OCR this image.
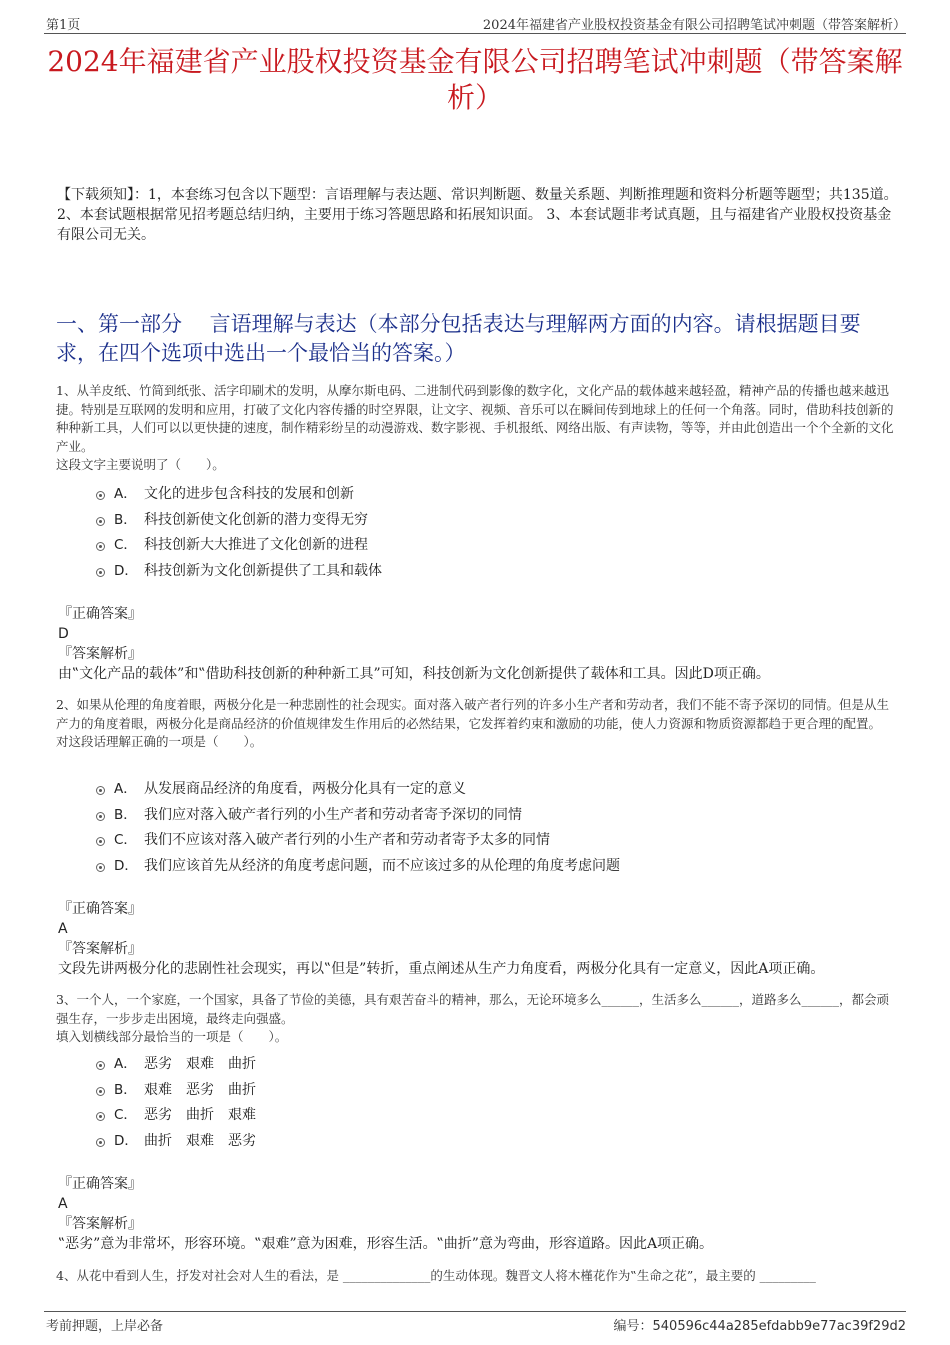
第1页	2024年福建省产业股权投资基金有限公司招聘笔试冲刺题（带答案解析）
2024年福建省产业股权投资基金有限公司招聘笔试冲刺题（带答案解析）

【下载须知】：1，本套练习包含以下题型：言语理解与表达题、常识判断题、数量关系题、判断推理题和资料分析题等题型；共135道。 2、本套试题根据常见招考题总结归纳，主要用于练习答题思路和拓展知识面。 3、本套试题非考试真题，且与福建省产业股权投资基金有限公司无关。

一、第一部分　 言语理解与表达（本部分包括表达与理解两方面的内容。请根据题目要求，在四个选项中选出一个最恰当的答案。）

1、从羊皮纸、竹简到纸张、活字印刷术的发明，从摩尔斯电码、二进制代码到影像的数字化，文化产品的载体越来越轻盈，精神产品的传播也越来越迅捷。特别是互联网的发明和应用，打破了文化内容传播的时空界限，让文字、视频、音乐可以在瞬间传到地球上的任何一个角落。同时，借助科技创新的种种新工具，人们可以以更快捷的速度，制作精彩纷呈的动漫游戏、数字影视、手机报纸、网络出版、有声读物，等等，并由此创造出一个个全新的文化产业。

这段文字主要说明了（　　）。

A． 文化的进步包含科技的发展和创新
B． 科技创新使文化创新的潜力变得无穷
C． 科技创新大大推进了文化创新的进程
D． 科技创新为文化创新提供了工具和载体

『正确答案』

D

『答案解析』

由‟文化产品的载体”和‟借助科技创新的种种新工具”可知，科技创新为文化创新提供了载体和工具。因此D项正确。

2、如果从伦理的角度着眼，两极分化是一种悲剧性的社会现实。面对落入破产者行列的许多小生产者和劳动者，我们不能不寄予深切的同情。但是从生产力的角度着眼，两极分化是商品经济的价值规律发生作用后的必然结果，它发挥着约束和激励的功能，使人力资源和物质资源都趋于更合理的配置。

对这段话理解正确的一项是（　　）。

A． 从发展商品经济的角度看，两极分化具有一定的意义
B． 我们应对落入破产者行列的小生产者和劳动者寄予深切的同情
C． 我们不应该对落入破产者行列的小生产者和劳动者寄予太多的同情
D． 我们应该首先从经济的角度考虑问题，而不应该过多的从伦理的角度考虑问题

『正确答案』

A

『答案解析』

文段先讲两极分化的悲剧性社会现实，再以‟但是”转折，重点阐述从生产力角度看，两极分化具有一定意义，因此A项正确。

3、一个人，一个家庭，一个国家，具备了节俭的美德，具有艰苦奋斗的精神，那么，无论环境多么______，生活多么______，道路多么______，都会顽强生存，一步步走出困境，最终走向强盛。

填入划横线部分最恰当的一项是（　　）。

A． 恶劣　艰难　曲折
B． 艰难　恶劣　曲折
C． 恶劣　曲折　艰难
D． 曲折　艰难　恶劣

『正确答案』

A

『答案解析』

‟恶劣”意为非常坏，形容环境。‟艰难”意为困难，形容生活。‟曲折”意为弯曲，形容道路。因此A项正确。

4、从花中看到人生，抒发对社会对人生的看法，是 ______________的生动体现。魏晋文人将木槿花作为‟生命之花”，最主要的 _________

考前押题，上岸必备	编号：540596c44a285efdabb9e77ac39f29d2
